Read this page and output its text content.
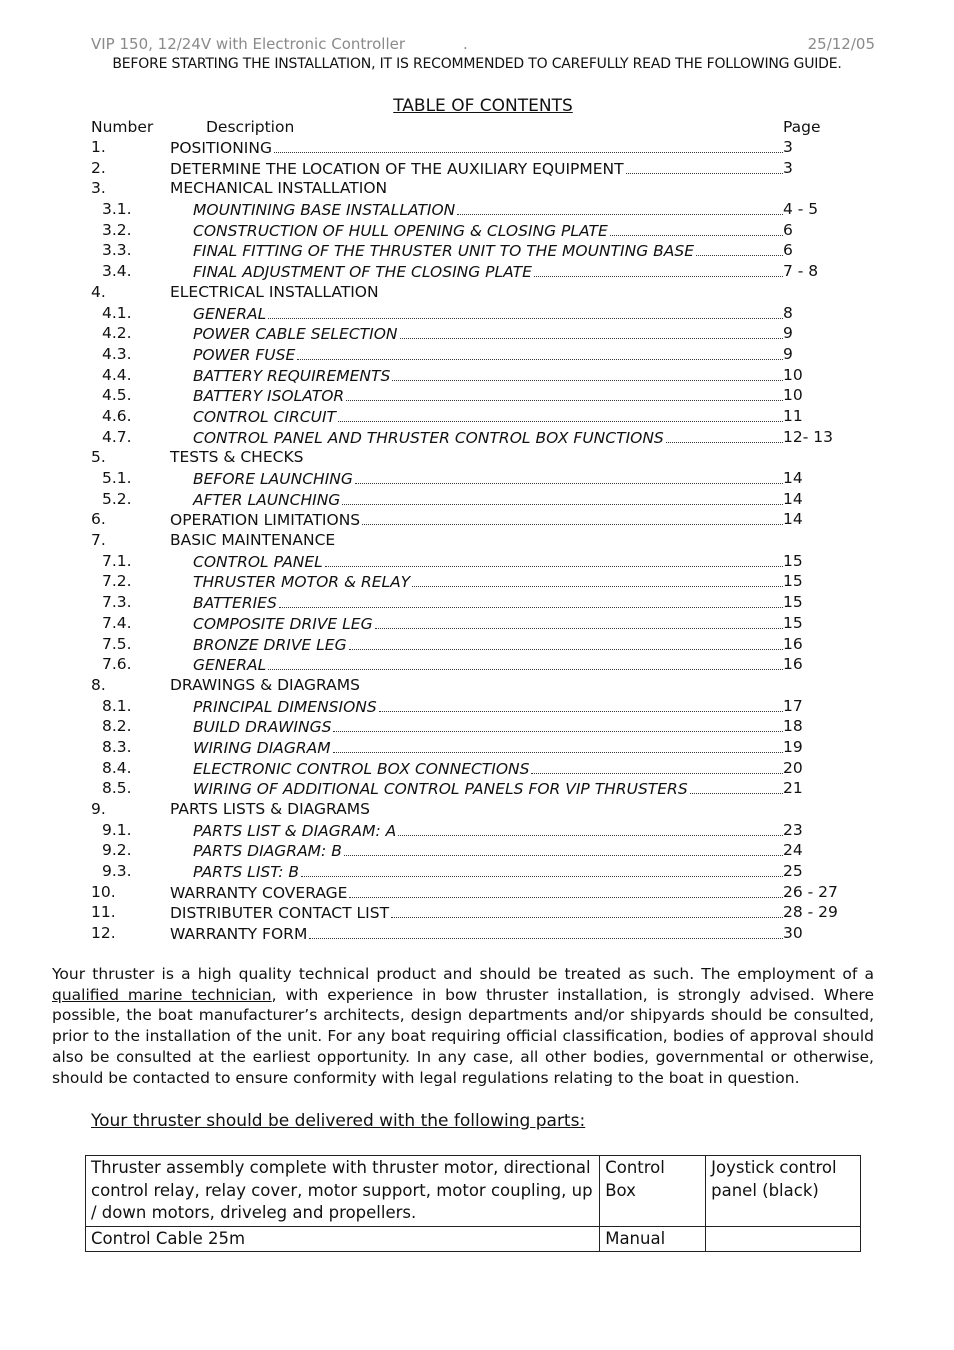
VIP 150, 12/24V with Electronic Controller	.	25/12/05
BEFORE STARTING THE INSTALLATION, IT IS RECOMMENDED TO CAREFULLY READ THE FOLLOWING GUIDE.
TABLE OF CONTENTS
Number	Description	Page
1.	POSITIONING	3
2.	DETERMINE THE LOCATION OF THE AUXILIARY EQUIPMENT	3
3.	MECHANICAL INSTALLATION
3.1.	MOUNTINING BASE INSTALLATION	4 - 5
3.2.	CONSTRUCTION OF HULL OPENING & CLOSING PLATE	6
3.3.	FINAL FITTING OF THE THRUSTER UNIT TO THE MOUNTING BASE	6
3.4.	FINAL ADJUSTMENT OF THE CLOSING PLATE	7 - 8
4.	ELECTRICAL INSTALLATION
4.1.	GENERAL	8
4.2.	POWER CABLE SELECTION	9
4.3.	POWER FUSE	9
4.4.	BATTERY REQUIREMENTS	10
4.5.	BATTERY ISOLATOR	10
4.6.	CONTROL CIRCUIT	11
4.7.	CONTROL PANEL AND THRUSTER CONTROL BOX FUNCTIONS	12- 13
5.	TESTS & CHECKS
5.1.	BEFORE LAUNCHING	14
5.2.	AFTER LAUNCHING	14
6.	OPERATION LIMITATIONS	14
7.	BASIC MAINTENANCE
7.1.	CONTROL PANEL	15
7.2.	THRUSTER MOTOR & RELAY	15
7.3.	BATTERIES	15
7.4.	COMPOSITE DRIVE LEG	15
7.5.	BRONZE DRIVE LEG	16
7.6.	GENERAL	16
8.	DRAWINGS & DIAGRAMS
8.1.	PRINCIPAL DIMENSIONS	17
8.2.	BUILD DRAWINGS	18
8.3.	WIRING DIAGRAM	19
8.4.	ELECTRONIC CONTROL BOX CONNECTIONS	20
8.5.	WIRING OF ADDITIONAL CONTROL PANELS FOR VIP THRUSTERS	21
9.	PARTS LISTS & DIAGRAMS
9.1.	PARTS LIST & DIAGRAM: A	23
9.2.	PARTS DIAGRAM: B	24
9.3.	PARTS LIST: B	25
10.	WARRANTY COVERAGE	26 - 27
11.	DISTRIBUTER CONTACT LIST	28 - 29
12.	WARRANTY FORM	30
Your thruster is a high quality technical product and should be treated as such. The employment of a qualified marine technician, with experience in bow thruster installation, is strongly advised. Where possible, the boat manufacturer’s architects, design departments and/or shipyards should be consulted, prior to the installation of the unit. For any boat requiring official classification, bodies of approval should also be consulted at the earliest opportunity. In any case, all other bodies, governmental or otherwise, should be contacted to ensure conformity with legal regulations relating to the boat in question.
Your thruster should be delivered with the following parts:
Thruster assembly complete with thruster motor, directional control relay, relay cover, motor support, motor coupling, up / down motors, driveleg and propellers.	Control Box	Joystick control panel (black)
Control Cable 25m	Manual	
